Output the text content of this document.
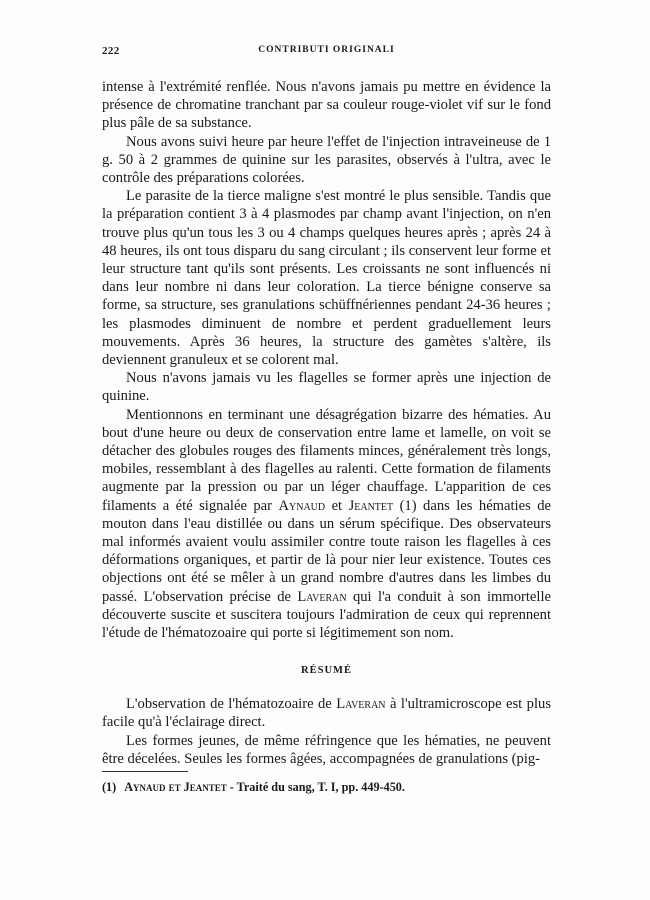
222	CONTRIBUTI ORIGINALI

intense à l'extrémité renflée. Nous n'avons jamais pu mettre en évidence la présence de chromatine tranchant par sa couleur rouge-violet vif sur le fond plus pâle de sa substance.

Nous avons suivi heure par heure l'effet de l'injection intraveineuse de 1 g. 50 à 2 grammes de quinine sur les parasites, observés à l'ultra, avec le contrôle des préparations colorées.

Le parasite de la tierce maligne s'est montré le plus sensible. Tandis que la préparation contient 3 à 4 plasmodes par champ avant l'injection, on n'en trouve plus qu'un tous les 3 ou 4 champs quelques heures après ; après 24 à 48 heures, ils ont tous disparu du sang circulant ; ils conservent leur forme et leur structure tant qu'ils sont présents. Les croissants ne sont influencés ni dans leur nombre ni dans leur coloration. La tierce bénigne conserve sa forme, sa structure, ses granulations schüffnériennes pendant 24-36 heures ; les plasmodes diminuent de nombre et perdent graduellement leurs mouvements. Après 36 heures, la structure des gamètes s'altère, ils deviennent granuleux et se colorent mal.

Nous n'avons jamais vu les flagelles se former après une injection de quinine.

Mentionnons en terminant une désagrégation bizarre des hématies. Au bout d'une heure ou deux de conservation entre lame et lamelle, on voit se détacher des globules rouges des filaments minces, généralement très longs, mobiles, ressemblant à des flagelles au ralenti. Cette formation de filaments augmente par la pression ou par un léger chauffage. L'apparition de ces filaments a été signalée par Aynaud et Jeantet (1) dans les hématies de mouton dans l'eau distillée ou dans un sérum spécifique. Des observateurs mal informés avaient voulu assimiler contre toute raison les flagelles à ces déformations organiques, et partir de là pour nier leur existence. Toutes ces objections ont été se mêler à un grand nombre d'autres dans les limbes du passé. L'observation précise de Laveran qui l'a conduit à son immortelle découverte suscite et suscitera toujours l'admiration de ceux qui reprennent l'étude de l'hématozoaire qui porte si légitimement son nom.

RÉSUMÉ

L'observation de l'hématozoaire de Laveran à l'ultramicroscope est plus facile qu'à l'éclairage direct.

Les formes jeunes, de même réfringence que les hématies, ne peuvent être décelées. Seules les formes âgées, accompagnées de granulations (pig-

(1) Aynaud et Jeantet - Traité du sang, T. I, pp. 449-450.
